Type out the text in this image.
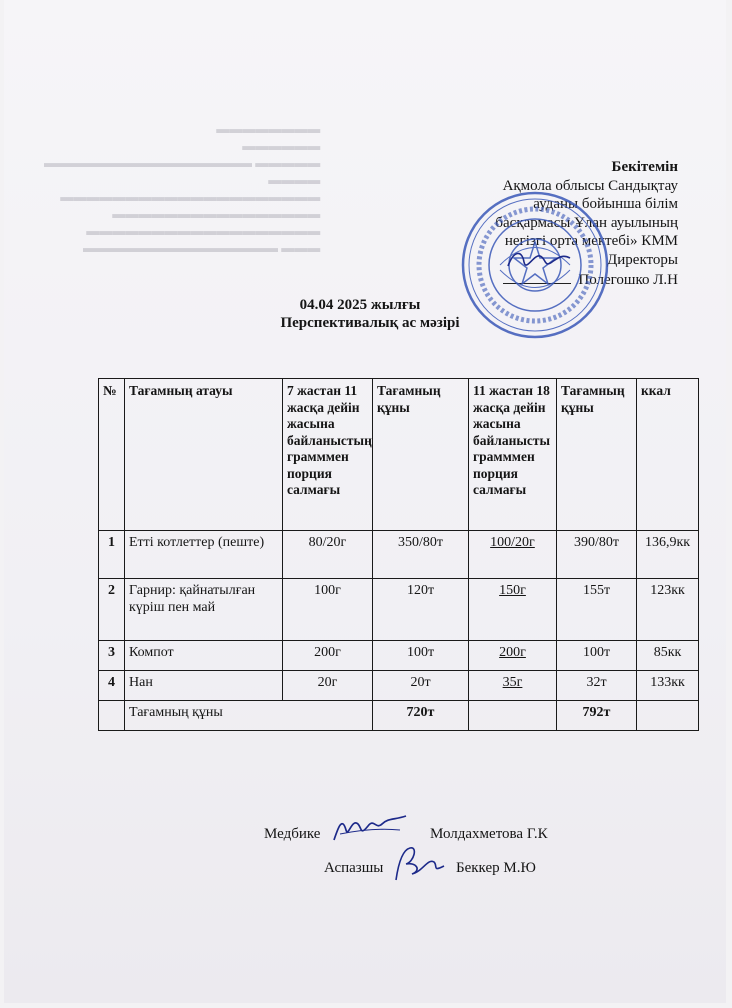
▬▬▬▬▬▬▬▬
▬▬▬▬▬▬
▬▬▬▬▬ ▬▬▬▬▬▬▬▬▬▬▬▬▬▬▬▬
▬▬▬▬
▬▬▬▬▬▬▬▬▬▬▬▬▬▬▬▬▬▬▬▬
▬▬▬▬▬▬▬▬▬▬▬▬▬▬▬▬
▬▬▬▬▬▬▬▬▬▬▬▬▬▬▬▬▬▬
▬▬▬ ▬▬▬▬▬▬▬▬▬▬▬▬▬▬▬
Бекітемін
Ақмола облысы Сандықтау
ауданы бойынша білім
басқармасы Ұлан ауылының
негізгі орта мектебі» КММ
Директоры
Полегошко Л.Н
04.04 2025 жылғы
Перспективалық ас мәзірі
№	Тағамның атауы	7 жастан 11 жасқа дейін жасына байланыстың грамммен порция салмағы	Тағамның құны	11 жастан 18 жасқа дейін жасына байланысты грамммен порция салмағы	Тағамның құны	ккал
1	Етті котлеттер (пеште)	80/20г	350/80т	100/20г	390/80т	136,9кк
2	Гарнир: қайнатылған күріш пен май	100г	120т	150г	155т	123кк
3	Компот	200г	100т	200г	100т	85кк
4	Нан	20г	20т	35г	32т	133кк
	Тағамның құны		720т		792т	
Медбике	Молдахметова Г.К
Аспазшы	Беккер М.Ю
